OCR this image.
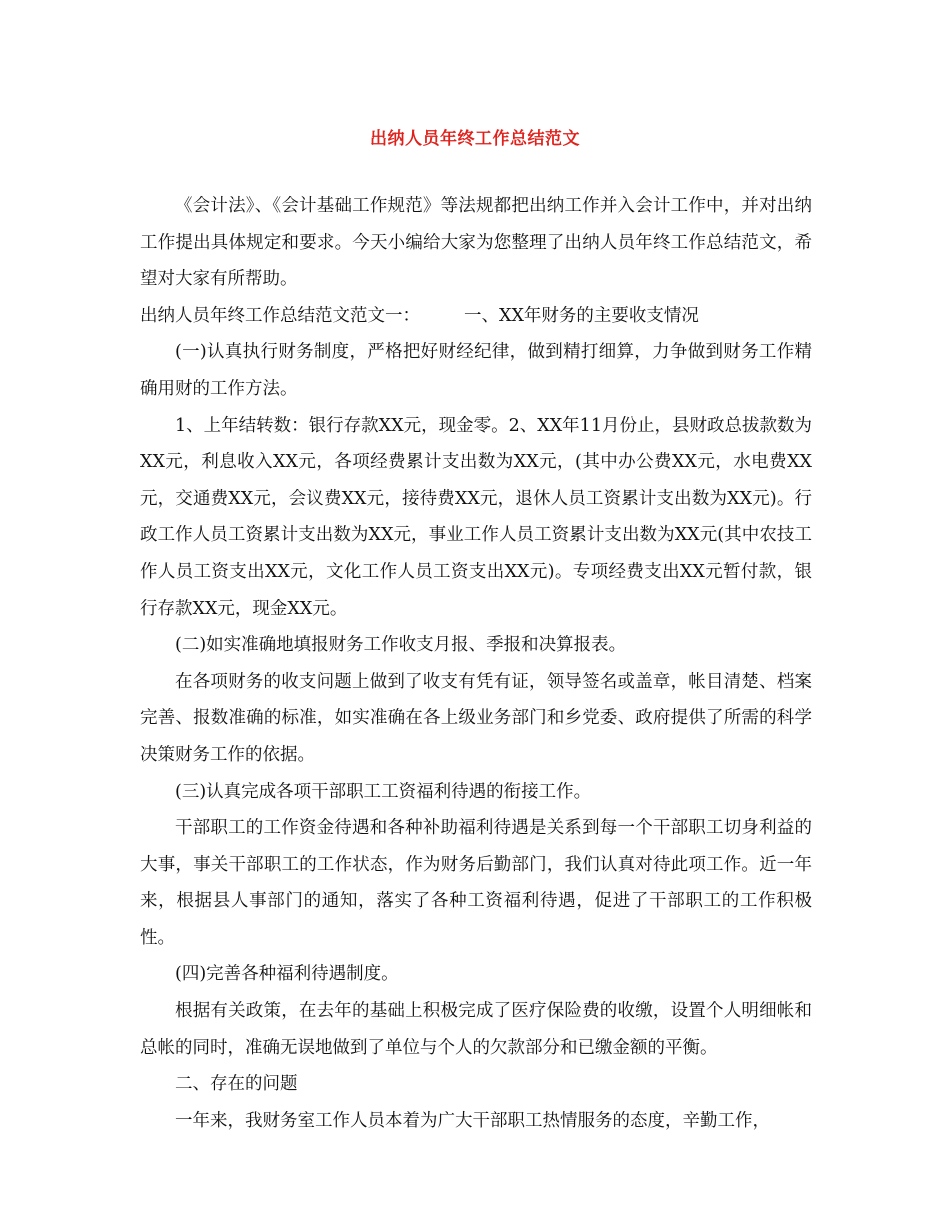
出纳人员年终工作总结范文

《会计法》、《会计基础工作规范》等法规都把出纳工作并入会计工作中，并对出纳工作提出具体规定和要求。今天小编给大家为您整理了出纳人员年终工作总结范文，希望对大家有所帮助。

出纳人员年终工作总结范文范文一：	一、XX年财务的主要收支情况

(一)认真执行财务制度，严格把好财经纪律，做到精打细算，力争做到财务工作精确用财的工作方法。

1、上年结转数：银行存款XX元，现金零。2、XX年11月份止，县财政总拔款数为XX元，利息收入XX元，各项经费累计支出数为XX元，(其中办公费XX元，水电费XX元，交通费XX元，会议费XX元，接待费XX元，退休人员工资累计支出数为XX元)。行政工作人员工资累计支出数为XX元，事业工作人员工资累计支出数为XX元(其中农技工作人员工资支出XX元，文化工作人员工资支出XX元)。专项经费支出XX元暂付款，银行存款XX元，现金XX元。

(二)如实准确地填报财务工作收支月报、季报和决算报表。

在各项财务的收支问题上做到了收支有凭有证，领导签名或盖章，帐目清楚、档案完善、报数准确的标准，如实准确在各上级业务部门和乡党委、政府提供了所需的科学决策财务工作的依据。

(三)认真完成各项干部职工工资福利待遇的衔接工作。

干部职工的工作资金待遇和各种补助福利待遇是关系到每一个干部职工切身利益的大事，事关干部职工的工作状态，作为财务后勤部门，我们认真对待此项工作。近一年来，根据县人事部门的通知，落实了各种工资福利待遇，促进了干部职工的工作积极性。

(四)完善各种福利待遇制度。

根据有关政策，在去年的基础上积极完成了医疗保险费的收缴，设置个人明细帐和总帐的同时，准确无误地做到了单位与个人的欠款部分和已缴金额的平衡。

二、存在的问题

一年来，我财务室工作人员本着为广大干部职工热情服务的态度，辛勤工作，
